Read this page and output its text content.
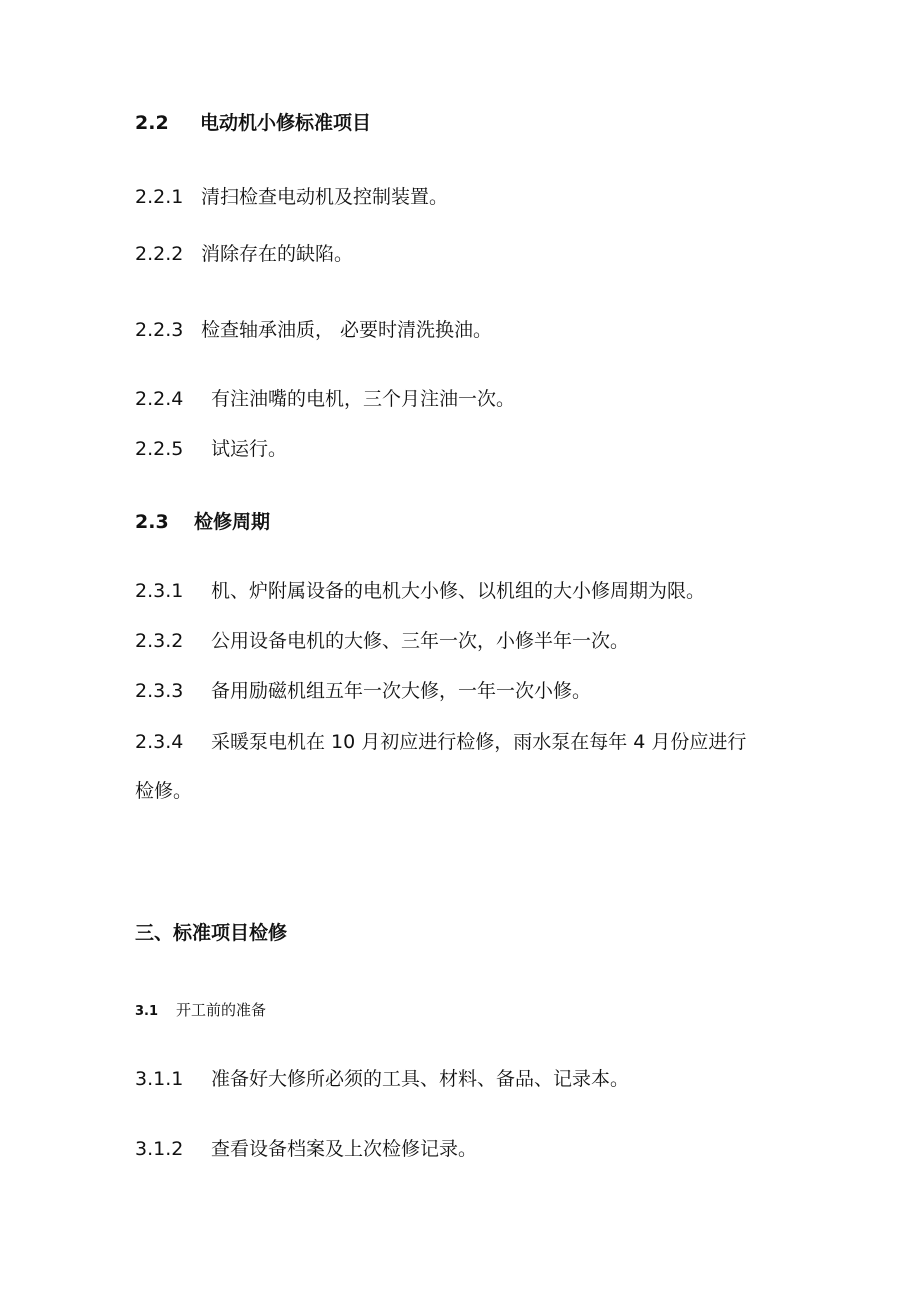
2.2 电动机小修标准项目
2.2.1 清扫检查电动机及控制装置。
2.2.2 消除存在的缺陷。
2.2.3 检查轴承油质， 必要时清洗换油。
2.2.4 有注油嘴的电机，三个月注油一次。
2.2.5 试运行。
2.3 检修周期
2.3.1 机、炉附属设备的电机大小修、以机组的大小修周期为限。
2.3.2 公用设备电机的大修、三年一次，小修半年一次。
2.3.3 备用励磁机组五年一次大修，一年一次小修。
2.3.4 采暖泵电机在 10 月初应进行检修，雨水泵在每年 4 月份应进行
检修。
三、标准项目检修
3.1 开工前的准备
3.1.1 准备好大修所必须的工具、材料、备品、记录本。
3.1.2 查看设备档案及上次检修记录。
